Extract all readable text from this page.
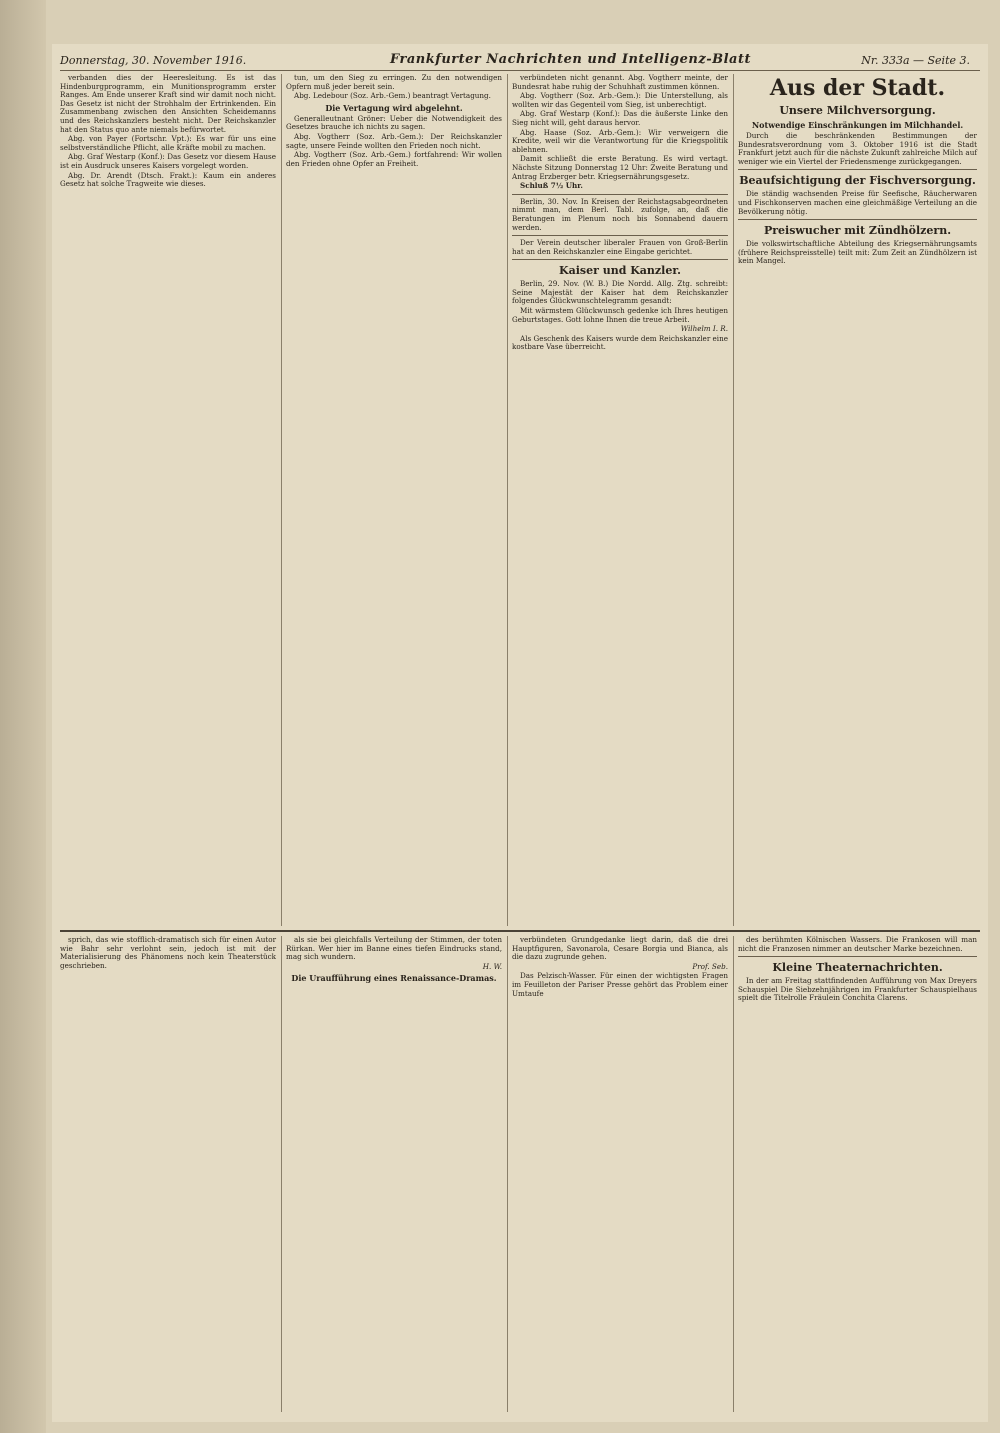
Donnerstag, 30. November 1916.	Frankfurter Nachrichten und Intelligenz-Blatt	Nr. 333a — Seite 3.

verbanden dies der Heeresleitung. Es ist das Hindenburgprogramm, ein Munitionsprogramm erster Ranges. Am Ende unserer Kraft sind wir damit noch nicht. Das Gesetz ist nicht der Strohhalm der Ertrinkenden. Ein Zusammenbang zwischen den Ansichten Scheidemanns und des Reichskanzlers besteht nicht. Der Reichskanzler hat den Status quo ante niemals befürwortet.

Abg. von Payer (Fortschr. Vpt.): Es war für uns eine selbstverständliche Pflicht, alle Kräfte mobil zu machen.

Abg. Graf Westarp (Konf.): Das Gesetz vor diesem Hause ist ein Ausdruck unseres Kaisers vorgelegt worden.

Abg. Dr. Arendt (Dtsch. Frakt.): Kaum ein anderes Gesetz hat solche Tragweite wie dieses.

tun, um den Sieg zu erringen. Zu den notwendigen Opfern muß jeder bereit sein.

Abg. Ledebour (Soz. Arb.-Gem.) beantragt Vertagung.

Die Vertagung wird abgelehnt.

Generalleutnant Gröner: Ueber die Notwendigkeit des Gesetzes brauche ich nichts zu sagen.

Abg. Vogtherr (Soz. Arb.-Gem.): Der Reichskanzler sagte, unsere Feinde wollten den Frieden noch nicht.

Abg. Vogtherr (Soz. Arb.-Gem.) fortfahrend: Wir wollen den Frieden ohne Opfer an Freiheit.

verbündeten nicht genannt. Abg. Vogtherr meinte, der Bundesrat habe ruhig der Schuhhaft zustimmen können.

Abg. Vogtherr (Soz. Arb.-Gem.): Die Unterstellung, als wollten wir das Gegenteil vom Sieg, ist unberechtigt.

Abg. Graf Westarp (Konf.): Das die äußerste Linke den Sieg nicht will, geht daraus hervor.

Abg. Haase (Soz. Arb.-Gem.): Wir verweigern die Kredite, weil wir die Verantwortung für die Kriegspolitik ablehnen.

Damit schließt die erste Beratung. Es wird vertagt. Nächste Sitzung Donnerstag 12 Uhr: Zweite Beratung und Antrag Erzberger betr. Kriegsernährungsgesetz.

Schluß 7½ Uhr.

Berlin, 30. Nov. In Kreisen der Reichstagsabgeordneten nimmt man, dem Berl. Tabl. zufolge, an, daß die Beratungen im Plenum noch bis Sonnabend dauern werden.

Der Verein deutscher liberaler Frauen von Groß-Berlin hat an den Reichskanzler eine Eingabe gerichtet.

Kaiser und Kanzler.

Berlin, 29. Nov. (W. B.) Die Nordd. Allg. Ztg. schreibt: Seine Majestät der Kaiser hat dem Reichskanzler folgendes Glückwunschtelegramm gesandt:

Mit wärmstem Glückwunsch gedenke ich Ihres heutigen Geburtstages. Gott lohne Ihnen die treue Arbeit.

Wilhelm I. R.

Als Geschenk des Kaisers wurde dem Reichskanzler eine kostbare Vase überreicht.

Aus der Stadt.
Unsere Milchversorgung.
Notwendige Einschränkungen im Milchhandel.

Durch die beschränkenden Bestimmungen der Bundesratsverordnung vom 3. Oktober 1916 ist die Stadt Frankfurt jetzt auch für die nächste Zukunft zahlreiche Milch auf weniger wie ein Viertel der Friedensmenge zurückgegangen.

Beaufsichtigung der Fischversorgung.

Die ständig wachsenden Preise für Seefische, Räucherwaren und Fischkonserven machen eine gleichmäßige Verteilung an die Bevölkerung nötig.

Preiswucher mit Zündhölzern.

Die volkswirtschaftliche Abteilung des Kriegsernährungsamts (frühere Reichspreisstelle) teilt mit: Zum Zeit an Zündhölzern ist kein Mangel.

sprich, das wie stofflich-dramatisch sich für einen Autor wie Bahr sehr verlohnt sein, jedoch ist mit der Materialisierung des Phänomens noch kein Theaterstück geschrieben.

als sie bei gleichfalls Verteilung der Stimmen, der toten Rürkan. Wer hier im Banne eines tiefen Eindrucks stand, mag sich wundern.

H. W.

Die Uraufführung eines Renaissance-Dramas.

verbündeten Grundgedanke liegt darin, daß die drei Hauptfiguren, Savonarola, Cesare Borgia und Bianca, als die dazu zugrunde gehen.

Prof. Seb.

Das Pelzisch-Wasser. Für einen der wichtigsten Fragen im Feuilleton der Pariser Presse gehört das Problem einer Umtaufe

des berühmten Kölnischen Wassers. Die Frankosen will man nicht die Franzosen nimmer an deutscher Marke bezeichnen.

Kleine Theaternachrichten.

In der am Freitag stattfindenden Aufführung von Max Dreyers Schauspiel Die Siebzehnjährigen im Frankfurter Schauspielhaus spielt die Titelrolle Fräulein Conchita Clarens.
